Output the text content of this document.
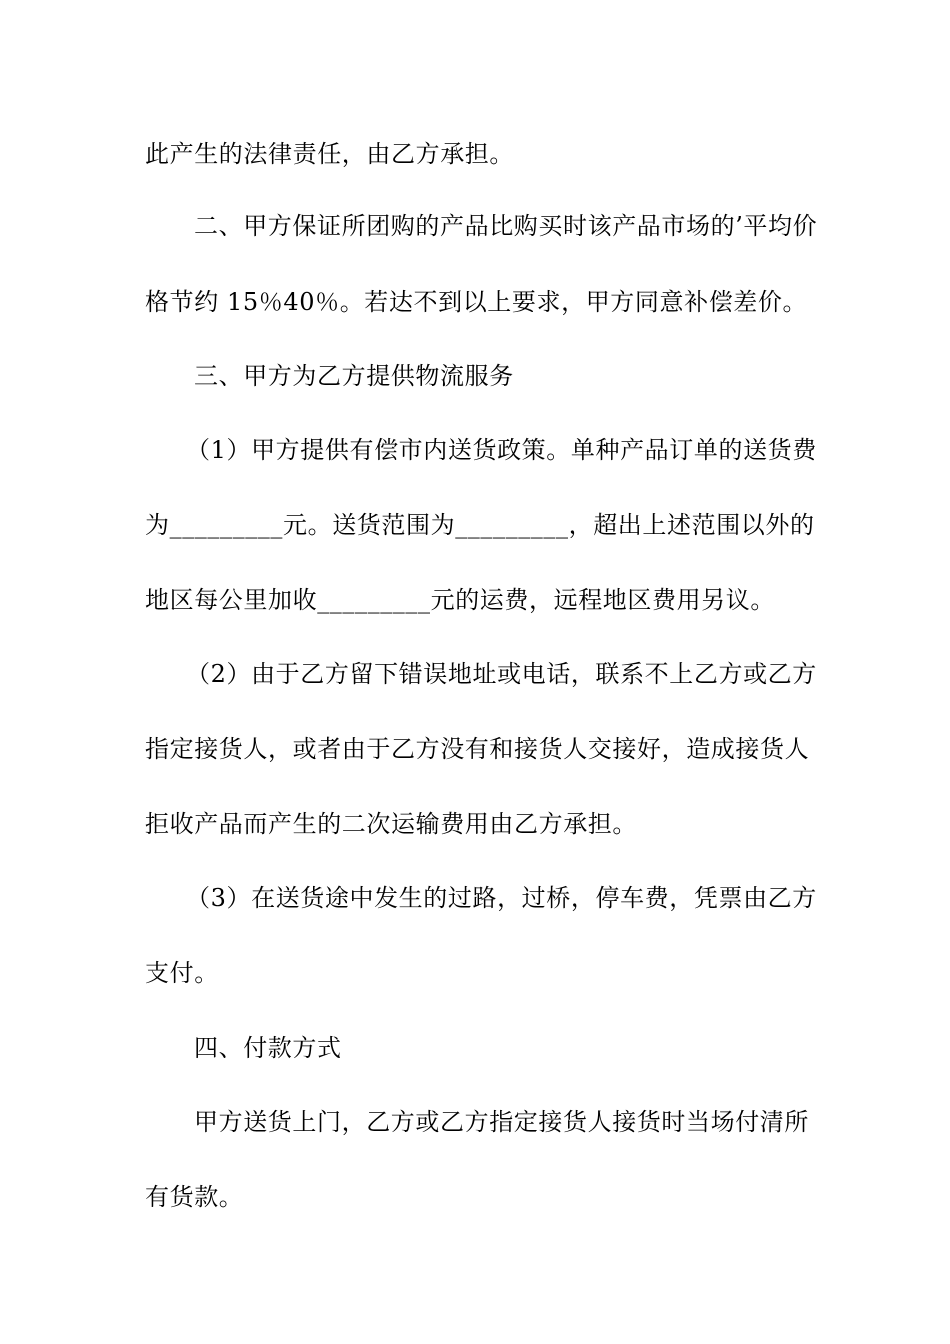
此产生的法律责任，由乙方承担。
二、甲方保证所团购的产品比购买时该产品市场的’平均价
格节约 15％40％。若达不到以上要求，甲方同意补偿差价。
三、甲方为乙方提供物流服务
（1）甲方提供有偿市内送货政策。单种产品订单的送货费
为_________元。送货范围为_________，超出上述范围以外的
地区每公里加收_________元的运费，远程地区费用另议。
（2）由于乙方留下错误地址或电话，联系不上乙方或乙方
指定接货人，或者由于乙方没有和接货人交接好，造成接货人
拒收产品而产生的二次运输费用由乙方承担。
（3）在送货途中发生的过路，过桥，停车费，凭票由乙方
支付。
四、付款方式
甲方送货上门，乙方或乙方指定接货人接货时当场付清所
有货款。
